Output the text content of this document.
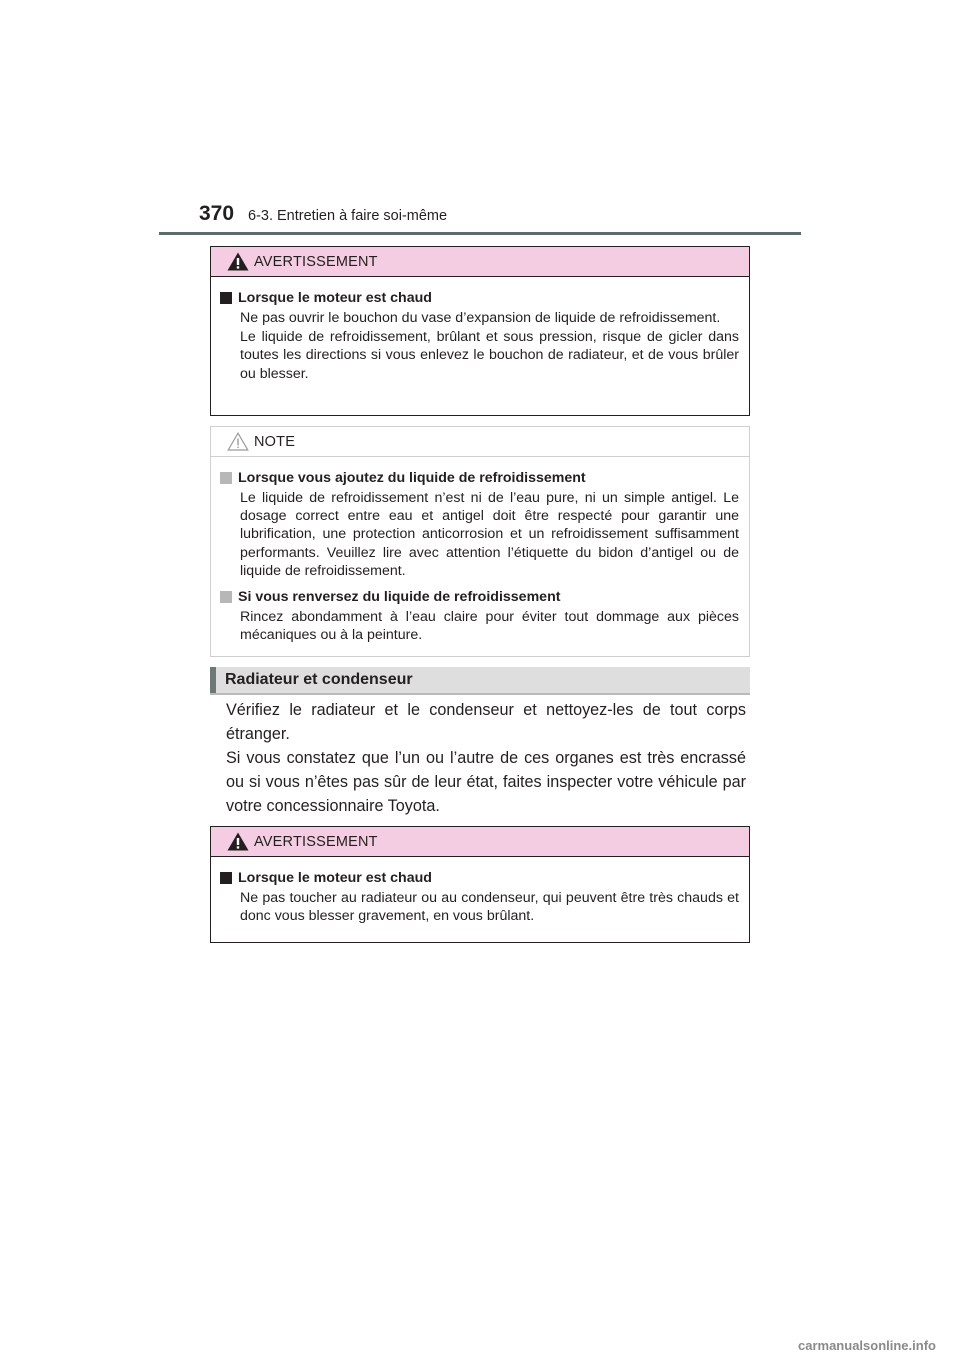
370 6-3. Entretien à faire soi-même
AVERTISSEMENT
Lorsque le moteur est chaud
Ne pas ouvrir le bouchon du vase d’expansion de liquide de refroidissement.
Le liquide de refroidissement, brûlant et sous pression, risque de gicler dans toutes les directions si vous enlevez le bouchon de radiateur, et de vous brûler ou blesser.
NOTE
Lorsque vous ajoutez du liquide de refroidissement
Le liquide de refroidissement n’est ni de l’eau pure, ni un simple antigel. Le dosage correct entre eau et antigel doit être respecté pour garantir une lubrification, une protection anticorrosion et un refroidissement suffisamment performants. Veuillez lire avec attention l’étiquette du bidon d’antigel ou de liquide de refroidissement.
Si vous renversez du liquide de refroidissement
Rincez abondamment à l’eau claire pour éviter tout dommage aux pièces mécaniques ou à la peinture.
Radiateur et condenseur
Vérifiez le radiateur et le condenseur et nettoyez-les de tout corps étranger.
Si vous constatez que l’un ou l’autre de ces organes est très encrassé ou si vous n’êtes pas sûr de leur état, faites inspecter votre véhicule par votre concessionnaire Toyota.
AVERTISSEMENT
Lorsque le moteur est chaud
Ne pas toucher au radiateur ou au condenseur, qui peuvent être très chauds et donc vous blesser gravement, en vous brûlant.
carmanualsonline.info
